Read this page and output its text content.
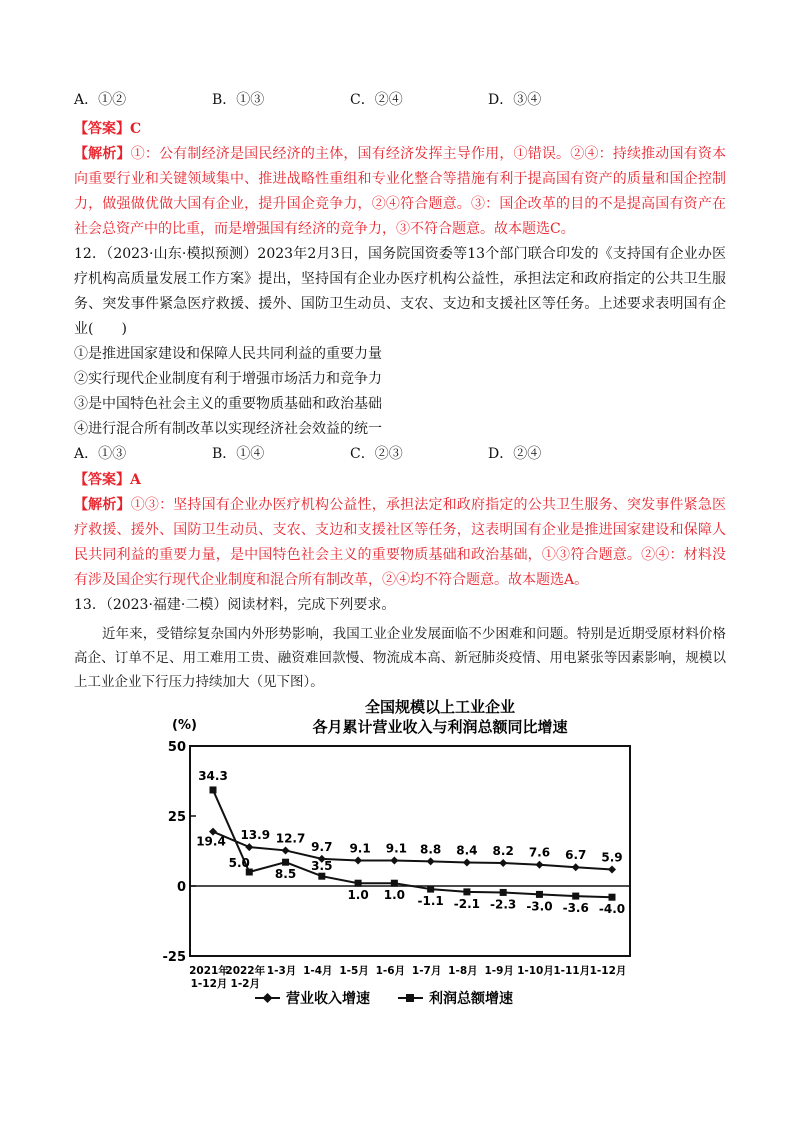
A．①②	B．①③	C．②④	D．③④

【答案】C

【解析】①：公有制经济是国民经济的主体，国有经济发挥主导作用，①错误。②④：持续推动国有资本向重要行业和关键领域集中、推进战略性重组和专业化整合等措施有利于提高国有资产的质量和国企控制力，做强做优做大国有企业，提升国企竞争力，②④符合题意。③：国企改革的目的不是提高国有资产在社会总资产中的比重，而是增强国有经济的竞争力，③不符合题意。故本题选C。

12．（2023·山东·模拟预测）2023年2月3日，国务院国资委等13个部门联合印发的《支持国有企业办医疗机构高质量发展工作方案》提出，坚持国有企业办医疗机构公益性，承担法定和政府指定的公共卫生服务、突发事件紧急医疗救援、援外、国防卫生动员、支农、支边和支援社区等任务。上述要求表明国有企业(　　)

①是推进国家建设和保障人民共同利益的重要力量

②实行现代企业制度有利于增强市场活力和竞争力

③是中国特色社会主义的重要物质基础和政治基础

④进行混合所有制改革以实现经济社会效益的统一

A．①③	B．①④	C．②③	D．②④

【答案】A

【解析】①③：坚持国有企业办医疗机构公益性，承担法定和政府指定的公共卫生服务、突发事件紧急医疗救援、援外、国防卫生动员、支农、支边和支援社区等任务，这表明国有企业是推进国家建设和保障人民共同利益的重要力量，是中国特色社会主义的重要物质基础和政治基础，①③符合题意。②④：材料没有涉及国企实行现代企业制度和混合所有制改革，②④均不符合题意。故本题选A。

13．（2023·福建·二模）阅读材料，完成下列要求。

近年来，受错综复杂国内外形势影响，我国工业企业发展面临不少困难和问题。特别是近期受原材料价格高企、订单不足、用工难用工贵、融资难回款慢、物流成本高、新冠肺炎疫情、用电紧张等因素影响，规模以上工业企业下行压力持续加大（见下图）。

全国规模以上工业企业
各月累计营业收入与利润总额同比增速
(%)
50
25
0
-25
2021年
2022年 1-3月 1-4月 1-5月 1-6月 1-7月 1-8月 1-9月 1-10月 1-11月 1-12月
1-12月 1-2月
19.4 13.9 12.7
9.7 9.1 9.1 8.8 8.4 8.2 7.6 6.7 5.9
34.3
5.0
8.5
3.5
1.0 1.0 -1.1 -2.1 -2.3 -3.0 -3.6 -4.0
营业收入增速	利润总额增速
